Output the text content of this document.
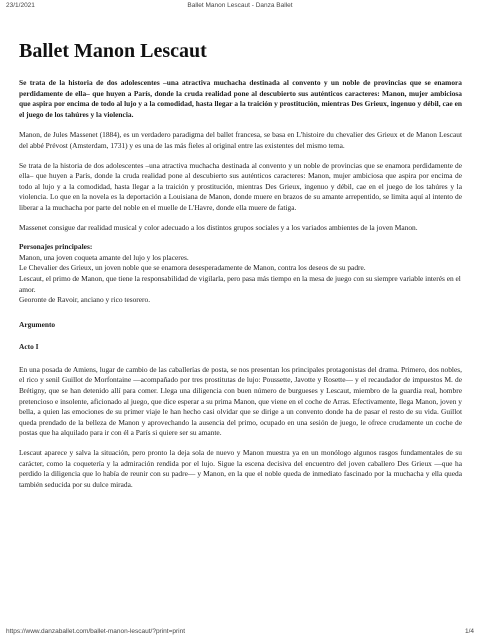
23/1/2021	Ballet Manon Lescaut - Danza Ballet
Ballet Manon Lescaut

Se trata de la historia de dos adolescentes –una atractiva muchacha destinada al convento y un noble de provincias que se enamora perdidamente de ella– que huyen a París, donde la cruda realidad pone al descubierto sus auténticos caracteres: Manon, mujer ambiciosa que aspira por encima de todo al lujo y a la comodidad, hasta llegar a la traición y prostitución, mientras Des Grieux, ingenuo y débil, cae en el juego de los tahúres y la violencia.

Manon, de Jules Massenet (1884), es un verdadero paradigma del ballet francesa, se basa en L'histoire du chevalier des Grieux et de Manon Lescaut del abbé Prévost (Amsterdam, 1731) y es una de las más fieles al original entre las existentes del mismo tema.

Se trata de la historia de dos adolescentes –una atractiva muchacha destinada al convento y un noble de provincias que se enamora perdidamente de ella– que huyen a París, donde la cruda realidad pone al descubierto sus auténticos caracteres: Manon, mujer ambiciosa que aspira por encima de todo al lujo y a la comodidad, hasta llegar a la traición y prostitución, mientras Des Grieux, ingenuo y débil, cae en el juego de los tahúres y la violencia. Lo que en la novela es la deportación a Louisiana de Manon, donde muere en brazos de su amante arrepentido, se limita aquí al intento de liberar a la muchacha por parte del noble en el muelle de L'Havre, donde ella muere de fatiga.

Massenet consigue dar realidad musical y color adecuado a los distintos grupos sociales y a los variados ambientes de la joven Manon.

Personajes principales:

Manon, una joven coqueta amante del lujo y los placeres.

Le Chevalier des Grieux, un joven noble que se enamora desesperadamente de Manon, contra los deseos de su padre.

Lescaut, el primo de Manon, que tiene la responsabilidad de vigilarla, pero pasa más tiempo en la mesa de juego con su siempre variable interés en el amor.

Georonte de Ravoir, anciano y rico tesorero.

Argumento

Acto I

En una posada de Amiens, lugar de cambio de las caballerías de posta, se nos presentan los principales protagonistas del drama. Primero, dos nobles, el rico y senil Guillot de Morfontaine —acompañado por tres prostitutas de lujo: Poussette, Javotte y Rosette— y el recaudador de impuestos M. de Brétigny, que se han detenido allí para comer. Llega una diligencia con buen número de burgueses y Lescaut, miembro de la guardia real, hombre pretencioso e insolente, aficionado al juego, que dice esperar a su prima Manon, que viene en el coche de Arras. Efectivamente, llega Manon, joven y bella, a quien las emociones de su primer viaje le han hecho casi olvidar que se dirige a un convento donde ha de pasar el resto de su vida. Guillot queda prendado de la belleza de Manon y aprovechando la ausencia del primo, ocupado en una sesión de juego, le ofrece crudamente un coche de postas que ha alquilado para ir con él a París si quiere ser su amante.

Lescaut aparece y salva la situación, pero pronto la deja sola de nuevo y Manon muestra ya en un monólogo algunos rasgos fundamentales de su carácter, como la coquetería y la admiración rendida por el lujo. Sigue la escena decisiva del encuentro del joven caballero Des Grieux —que ha perdido la diligencia que lo había de reunir con su padre— y Manon, en la que el noble queda de inmediato fascinado por la muchacha y ella queda también seducida por su dulce mirada.

https://www.danzaballet.com/ballet-manon-lescaut/?print=print	1/4
